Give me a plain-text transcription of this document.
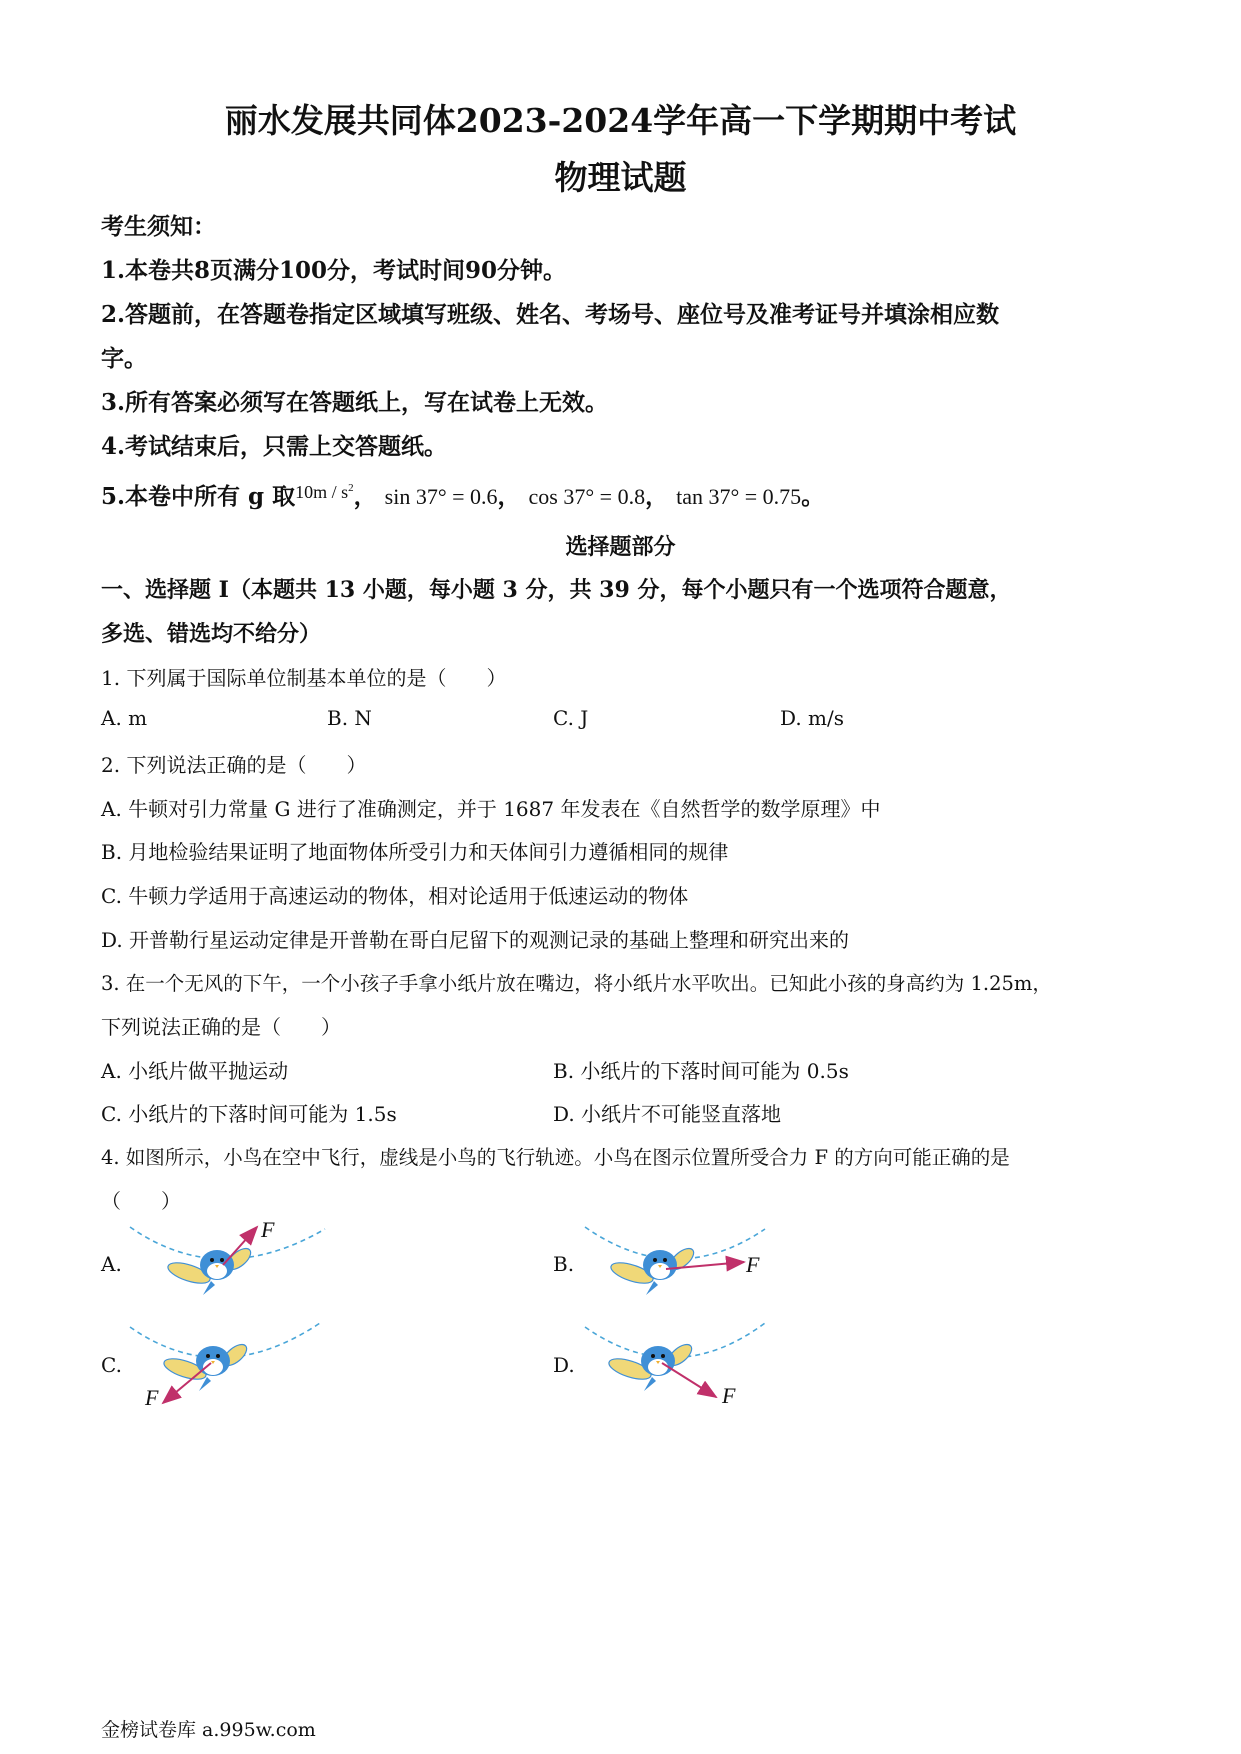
丽水发展共同体2023-2024学年高一下学期期中考试
物理试题
考生须知：
1.本卷共8页满分100分，考试时间90分钟。
2.答题前，在答题卷指定区域填写班级、姓名、考场号、座位号及准考证号并填涂相应数
字。
3.所有答案必须写在答题纸上，写在试卷上无效。
4.考试结束后，只需上交答题纸。
5.本卷中所有 g 取$^{10m / s^2}$， sin 37° = 0.6， cos 37° = 0.8， tan 37° = 0.75。
选择题部分
一、选择题 I（本题共 13 小题，每小题 3 分，共 39 分，每个小题只有一个选项符合题意，
多选、错选均不给分）
1. 下列属于国际单位制基本单位的是（　　）
A. m	B. N	C. J	D. m/s
2. 下列说法正确的是（　　）
A. 牛顿对引力常量 G 进行了准确测定，并于 1687 年发表在《自然哲学的数学原理》中
B. 月地检验结果证明了地面物体所受引力和天体间引力遵循相同的规律
C. 牛顿力学适用于高速运动的物体，相对论适用于低速运动的物体
D. 开普勒行星运动定律是开普勒在哥白尼留下的观测记录的基础上整理和研究出来的
3. 在一个无风的下午，一个小孩子手拿小纸片放在嘴边，将小纸片水平吹出。已知此小孩的身高约为 1.25m，
下列说法正确的是（　　）
A. 小纸片做平抛运动	B. 小纸片的下落时间可能为 0.5s
C. 小纸片的下落时间可能为 1.5s	D. 小纸片不可能竖直落地
4. 如图所示，小鸟在空中飞行，虚线是小鸟的飞行轨迹。小鸟在图示位置所受合力 F 的方向可能正确的是
（　　）
A.	B.
C.	D.
F
F
F	F
金榜试卷库 a.995w.com
